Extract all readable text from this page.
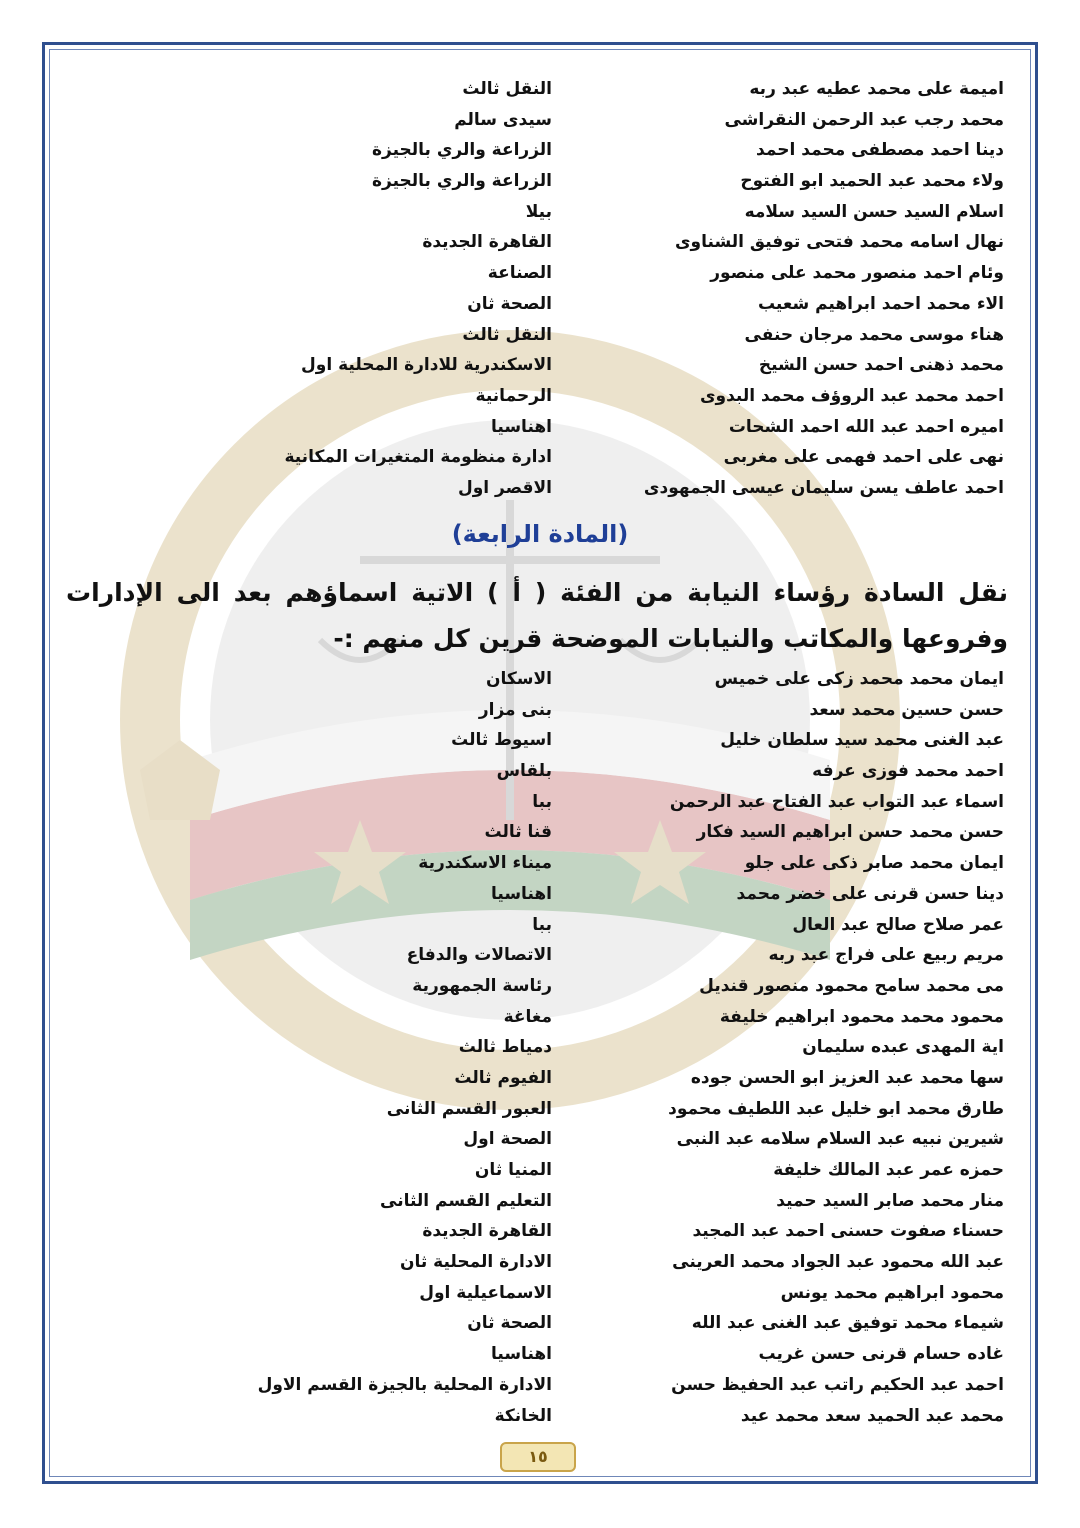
اميمة على محمد عطيه عبد ربه
النقل ثالث
محمد رجب عبد الرحمن النقراشى
سيدى سالم
دينا احمد مصطفى محمد احمد
الزراعة والري بالجيزة
ولاء محمد عبد الحميد ابو الفتوح
الزراعة والري بالجيزة
اسلام السيد حسن السيد سلامه
بيلا
نهال اسامه محمد فتحى توفيق الشناوى
القاهرة الجديدة
وئام احمد منصور محمد على منصور
الصناعة
الاء محمد احمد ابراهيم شعيب
الصحة ثان
هناء موسى محمد مرجان حنفى
النقل ثالث
محمد ذهنى احمد حسن الشيخ
الاسكندرية للادارة المحلية اول
احمد محمد عبد الروؤف محمد البدوى
الرحمانية
اميره احمد عبد الله احمد الشحات
اهناسيا
نهى على احمد فهمى على مغربى
ادارة منظومة المتغيرات المكانية
احمد عاطف يسن سليمان عيسى الجمهودى
الاقصر اول
(المادة الرابعة)
نقل السادة رؤساء النيابة من الفئة ( أ ) الاتية اسماؤهم بعد الى الإدارات وفروعها والمكاتب والنيابات الموضحة قرين كل منهم :-
ايمان محمد محمد زكى على خميس
الاسكان
حسن حسين محمد سعد
بنى مزار
عبد الغنى محمد سيد سلطان خليل
اسيوط ثالث
احمد محمد فوزى عرفه
بلقاس
اسماء عبد التواب عبد الفتاح عبد الرحمن
ببا
حسن محمد حسن ابراهيم السيد فكار
قنا ثالث
ايمان محمد صابر ذكى على جلو
ميناء الاسكندرية
دينا حسن قرنى على خضر محمد
اهناسيا
عمر صلاح صالح عبد العال
ببا
مريم ربيع على فراج عبد ربه
الاتصالات والدفاع
مى محمد سامح محمود منصور قنديل
رئاسة الجمهورية
محمود محمد محمود ابراهيم خليفة
مغاغة
اية المهدى عبده سليمان
دمياط ثالث
سها محمد عبد العزيز ابو الحسن جوده
الفيوم ثالث
طارق محمد ابو خليل عبد اللطيف محمود
العبور القسم الثانى
شيرين نبيه عبد السلام سلامه عبد النبى
الصحة اول
حمزه عمر عبد المالك خليفة
المنيا ثان
منار محمد صابر السيد حميد
التعليم القسم الثانى
حسناء صفوت حسنى احمد عبد المجيد
القاهرة الجديدة
عبد الله محمود عبد الجواد محمد العرينى
الادارة المحلية ثان
محمود ابراهيم محمد يونس
الاسماعيلية اول
شيماء محمد توفيق عبد الغنى عبد الله
الصحة ثان
غاده حسام قرنى حسن غريب
اهناسيا
احمد عبد الحكيم راتب عبد الحفيظ حسن
الادارة المحلية بالجيزة القسم الاول
محمد عبد الحميد سعد محمد عيد
الخانكة
١٥
